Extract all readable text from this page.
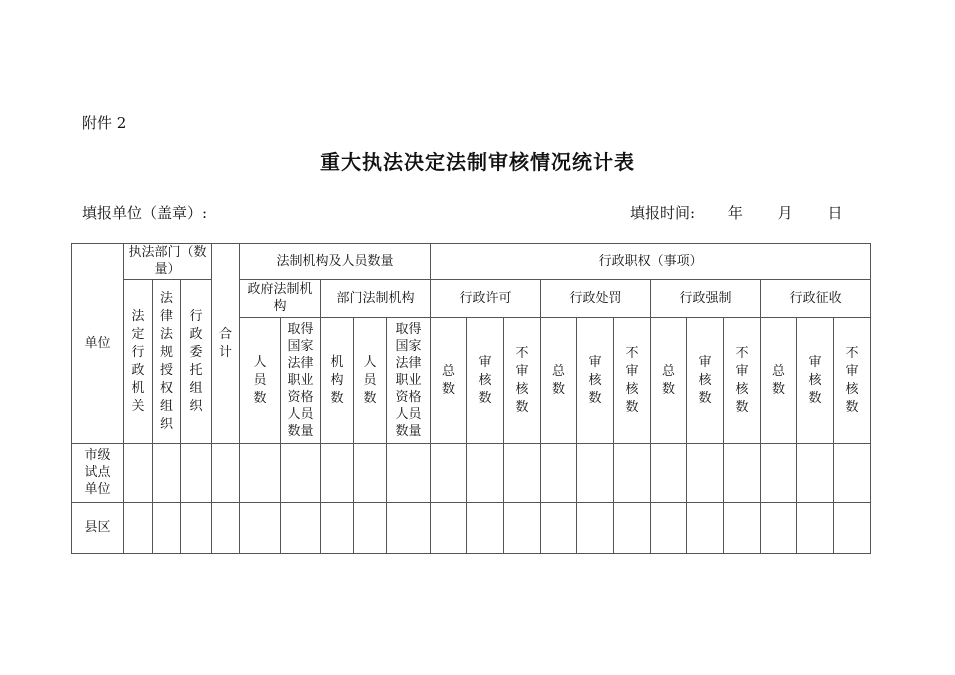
附件 2
重大执法决定法制审核情况统计表
填报单位（盖章）:	填报时间: 年 月 日
单位	执法部门（数量）			合计	法制机构及人员数量					行政职权（事项）											
	法定行政机关	法律法规授权组织	行政委托组织		政府法制机构		部门法制机构			行政许可			行政处罚			行政强制			行政征收		
					人员数	取得国家法律职业资格人员数量	机构数	人员数	取得国家法律职业资格人员数量	总数	审核数	不审核数	总数	审核数	不审核数	总数	审核数	不审核数	总数	审核数	不审核数

市级试点单位																					
县区																					
